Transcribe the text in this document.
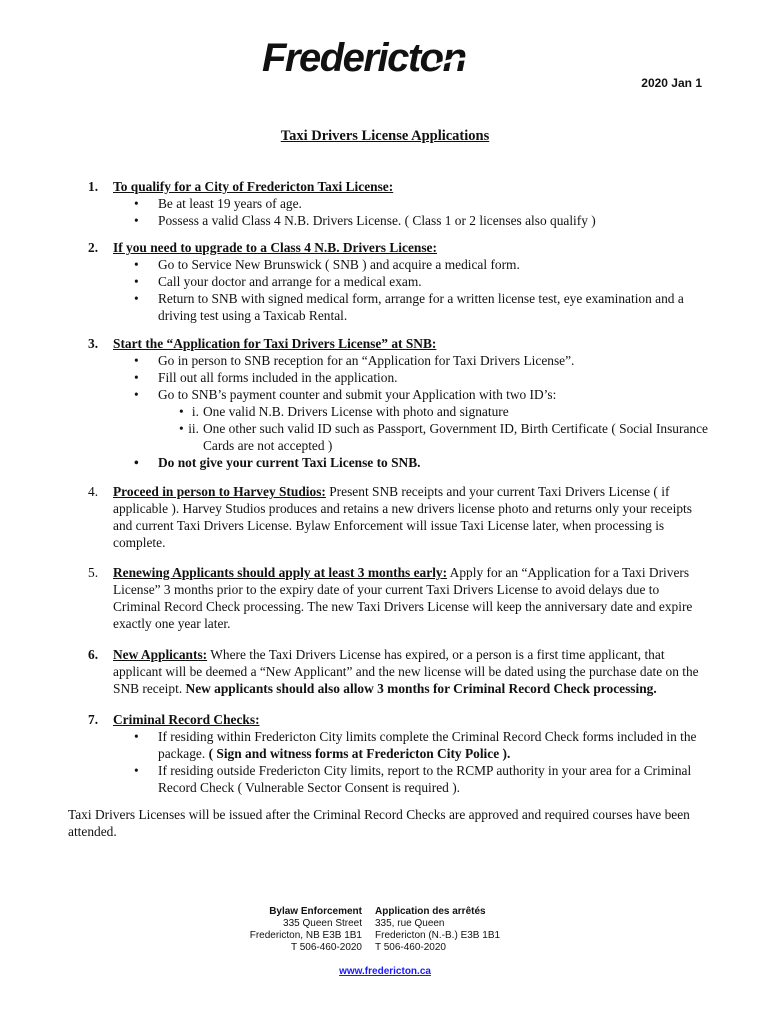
Fredericton
2020 Jan 1
Taxi Drivers License Applications
1. To qualify for a City of Fredericton Taxi License:
• Be at least 19 years of age.
• Possess a valid Class 4 N.B. Drivers License. ( Class 1 or 2 licenses also qualify )
2. If you need to upgrade to a Class 4 N.B. Drivers License:
• Go to Service New Brunswick ( SNB ) and acquire a medical form.
• Call your doctor and arrange for a medical exam.
• Return to SNB with signed medical form, arrange for a written license test, eye examination and a driving test using a Taxicab Rental.
3. Start the “Application for Taxi Drivers License” at SNB:
• Go in person to SNB reception for an “Application for Taxi Drivers License”.
• Fill out all forms included in the application.
• Go to SNB’s payment counter and submit your Application with two ID’s:
• i. One valid N.B. Drivers License with photo and signature
• ii. One other such valid ID such as Passport, Government ID, Birth Certificate ( Social Insurance Cards are not accepted )
• Do not give your current Taxi License to SNB.
4. Proceed in person to Harvey Studios: Present SNB receipts and your current Taxi Drivers License ( if applicable ). Harvey Studios produces and retains a new drivers license photo and returns only your receipts and current Taxi Drivers License. Bylaw Enforcement will issue Taxi License later, when processing is complete.
5. Renewing Applicants should apply at least 3 months early: Apply for an “Application for a Taxi Drivers License” 3 months prior to the expiry date of your current Taxi Drivers License to avoid delays due to Criminal Record Check processing. The new Taxi Drivers License will keep the anniversary date and expire exactly one year later.
6. New Applicants: Where the Taxi Drivers License has expired, or a person is a first time applicant, that applicant will be deemed a “New Applicant” and the new license will be dated using the purchase date on the SNB receipt. New applicants should also allow 3 months for Criminal Record Check processing.
7. Criminal Record Checks:
• If residing within Fredericton City limits complete the Criminal Record Check forms included in the package. ( Sign and witness forms at Fredericton City Police ).
• If residing outside Fredericton City limits, report to the RCMP authority in your area for a Criminal Record Check ( Vulnerable Sector Consent is required ).
Taxi Drivers Licenses will be issued after the Criminal Record Checks are approved and required courses have been attended.
Bylaw Enforcement
335 Queen Street
Fredericton, NB E3B 1B1
T 506-460-2020
Application des arrêtés
335, rue Queen
Fredericton (N.-B.) E3B 1B1
T 506-460-2020
www.fredericton.ca
